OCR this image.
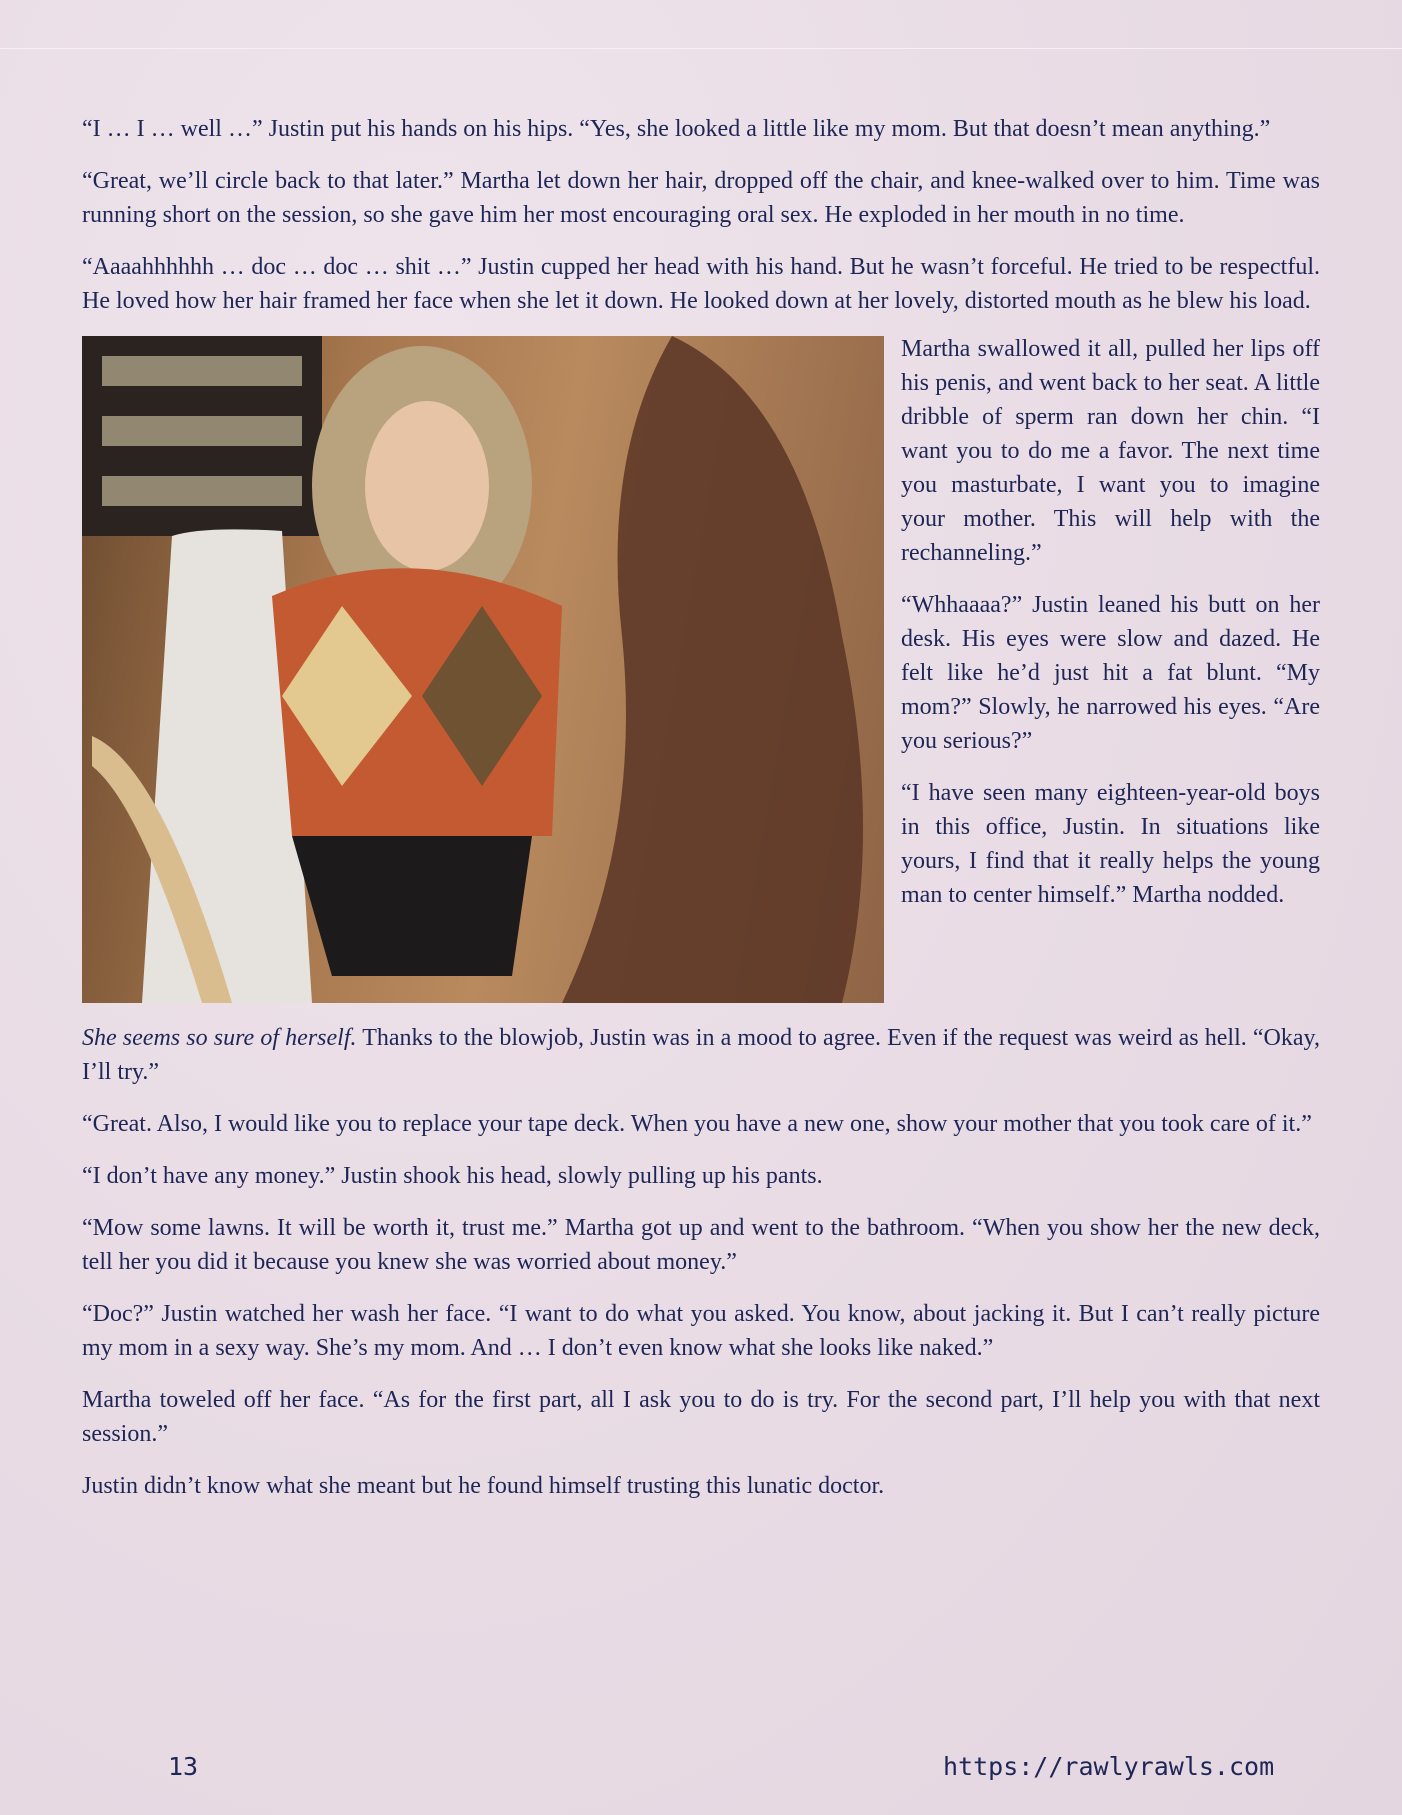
“I … I … well …” Justin put his hands on his hips. “Yes, she looked a little like my mom. But that doesn’t mean anything.”

“Great, we’ll circle back to that later.” Martha let down her hair, dropped off the chair, and knee-walked over to him. Time was running short on the session, so she gave him her most encouraging oral sex. He exploded in her mouth in no time.

“Aaaahhhhhh … doc … doc … shit …” Justin cupped her head with his hand. But he wasn’t forceful. He tried to be respectful. He loved how her hair framed her face when she let it down. He looked down at her lovely, distorted mouth as he blew his load.

Martha swallowed it all, pulled her lips off his penis, and went back to her seat. A little dribble of sperm ran down her chin. “I want you to do me a favor. The next time you masturbate, I want you to imagine your mother. This will help with the rechanneling.”

“Whhaaaa?” Justin leaned his butt on her desk. His eyes were slow and dazed. He felt like he’d just hit a fat blunt. “My mom?” Slowly, he narrowed his eyes. “Are you serious?”

“I have seen many eighteen-year-old boys in this office, Justin. In situations like yours, I find that it really helps the young man to center himself.” Martha nodded.

She seems so sure of herself. Thanks to the blowjob, Justin was in a mood to agree. Even if the request was weird as hell. “Okay, I’ll try.”

“Great. Also, I would like you to replace your tape deck. When you have a new one, show your mother that you took care of it.”

“I don’t have any money.” Justin shook his head, slowly pulling up his pants.

“Mow some lawns. It will be worth it, trust me.” Martha got up and went to the bathroom. “When you show her the new deck, tell her you did it because you knew she was worried about money.”

“Doc?” Justin watched her wash her face. “I want to do what you asked. You know, about jacking it. But I can’t really picture my mom in a sexy way. She’s my mom. And … I don’t even know what she looks like naked.”

Martha toweled off her face. “As for the first part, all I ask you to do is try. For the second part, I’ll help you with that next session.”

Justin didn’t know what she meant but he found himself trusting this lunatic doctor.

13	https://rawlyrawls.com
